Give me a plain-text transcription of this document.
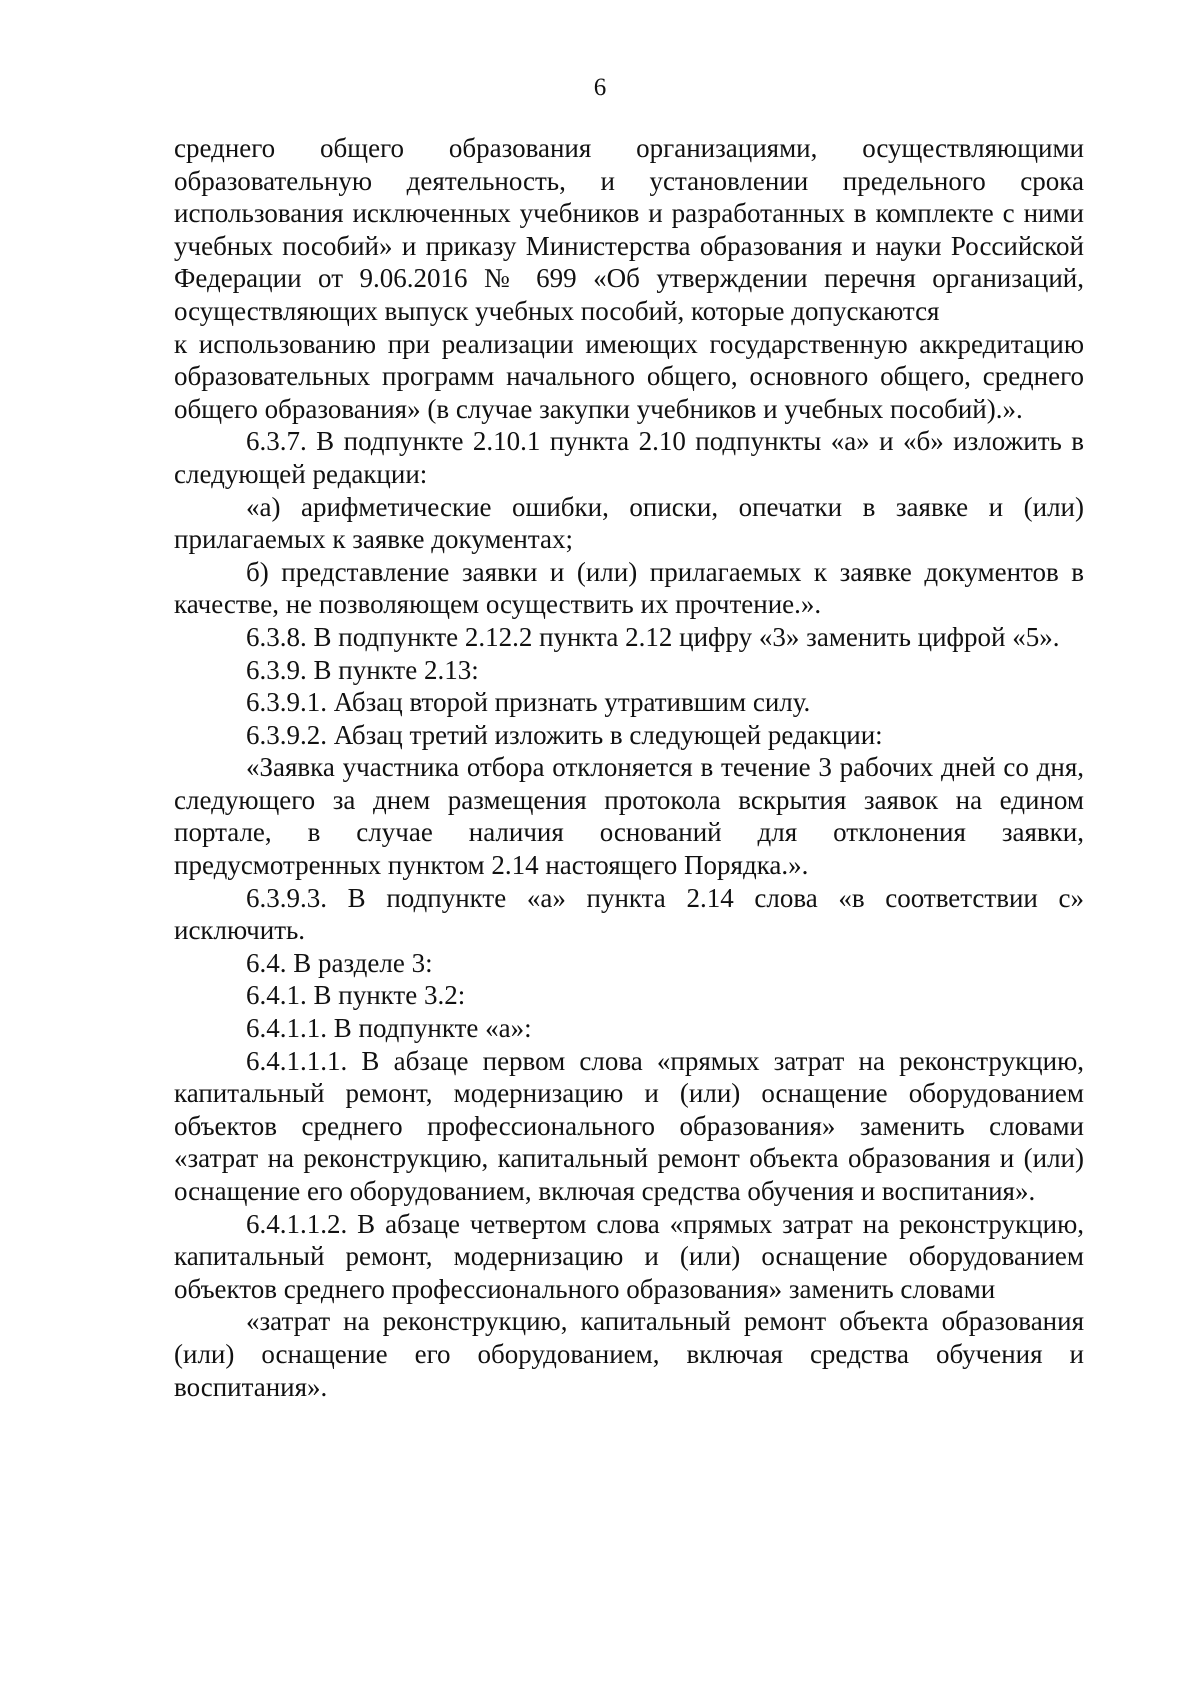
6

среднего общего образования организациями, осуществляющими образовательную деятельность, и установлении предельного срока использования исключенных учебников и разработанных в комплекте с ними учебных пособий» и приказу Министерства образования и науки Российской Федерации от 9.06.2016 № 699 «Об утверждении перечня организаций, осуществляющих выпуск учебных пособий, которые допускаются

к использованию при реализации имеющих государственную аккредитацию образовательных программ начального общего, основного общего, среднего общего образования» (в случае закупки учебников и учебных пособий).».

6.3.7. В подпункте 2.10.1 пункта 2.10 подпункты «а» и «б» изложить в следующей редакции:

«а) арифметические ошибки, описки, опечатки в заявке и (или) прилагаемых к заявке документах;

б) представление заявки и (или) прилагаемых к заявке документов в качестве, не позволяющем осуществить их прочтение.».

6.3.8. В подпункте 2.12.2 пункта 2.12 цифру «3» заменить цифрой «5».

6.3.9. В пункте 2.13:

6.3.9.1. Абзац второй признать утратившим силу.

6.3.9.2. Абзац третий изложить в следующей редакции:

«Заявка участника отбора отклоняется в течение 3 рабочих дней со дня, следующего за днем размещения протокола вскрытия заявок на едином портале, в случае наличия оснований для отклонения заявки, предусмотренных пунктом 2.14 настоящего Порядка.».

6.3.9.3. В подпункте «а» пункта 2.14 слова «в соответствии с» исключить.

6.4. В разделе 3:

6.4.1. В пункте 3.2:

6.4.1.1. В подпункте «а»:

6.4.1.1.1. В абзаце первом слова «прямых затрат на реконструкцию, капитальный ремонт, модернизацию и (или) оснащение оборудованием объектов среднего профессионального образования» заменить словами «затрат на реконструкцию, капитальный ремонт объекта образования и (или) оснащение его оборудованием, включая средства обучения и воспитания».

6.4.1.1.2. В абзаце четвертом слова «прямых затрат на реконструкцию, капитальный ремонт, модернизацию и (или) оснащение оборудованием объектов среднего профессионального образования» заменить словами

«затрат на реконструкцию, капитальный ремонт объекта образования (или) оснащение его оборудованием, включая средства обучения и воспитания».
